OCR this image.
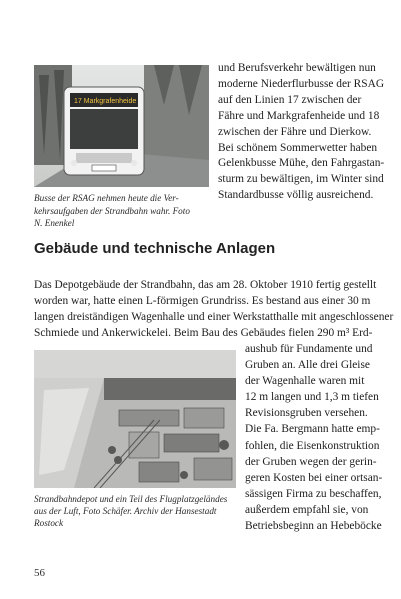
17 Markgrafenheide
Busse der RSAG nehmen heute die Ver-
kehrsaufgaben der Strandbahn wahr. Foto
N. Enenkel
und Berufsverkehr bewältigen nun
moderne Niederflurbusse der RSAG
auf den Linien 17 zwischen der
Fähre und Markgrafenheide und 18
zwischen der Fähre und Dierkow.
Bei schönem Sommerwetter haben
Gelenkbusse Mühe, den Fahrgastan-
sturm zu bewältigen, im Winter sind
Standardbusse völlig ausreichend.
Gebäude und technische Anlagen
Das Depotgebäude der Strandbahn, das am 28. Oktober 1910 fertig gestellt
worden war, hatte einen L-förmigen Grundriss. Es bestand aus einer 30 m
langen dreiständigen Wagenhalle und einer Werkstatthalle mit angeschlossener
Schmiede und Ankerwickelei. Beim Bau des Gebäudes fielen 290 m³ Erd-
Strandbahndepot und ein Teil des Flugplatzgeländes
aus der Luft, Foto Schäfer. Archiv der Hansestadt
Rostock
aushub für Fundamente und
Gruben an. Alle drei Gleise
der Wagenhalle waren mit
12 m langen und 1,3 m tiefen
Revisionsgruben versehen.
Die Fa. Bergmann hatte emp-
fohlen, die Eisenkonstruktion
der Gruben wegen der gerin-
geren Kosten bei einer ortsan-
sässigen Firma zu beschaffen,
außerdem empfahl sie, von
Betriebsbeginn an Hebeböcke
56
